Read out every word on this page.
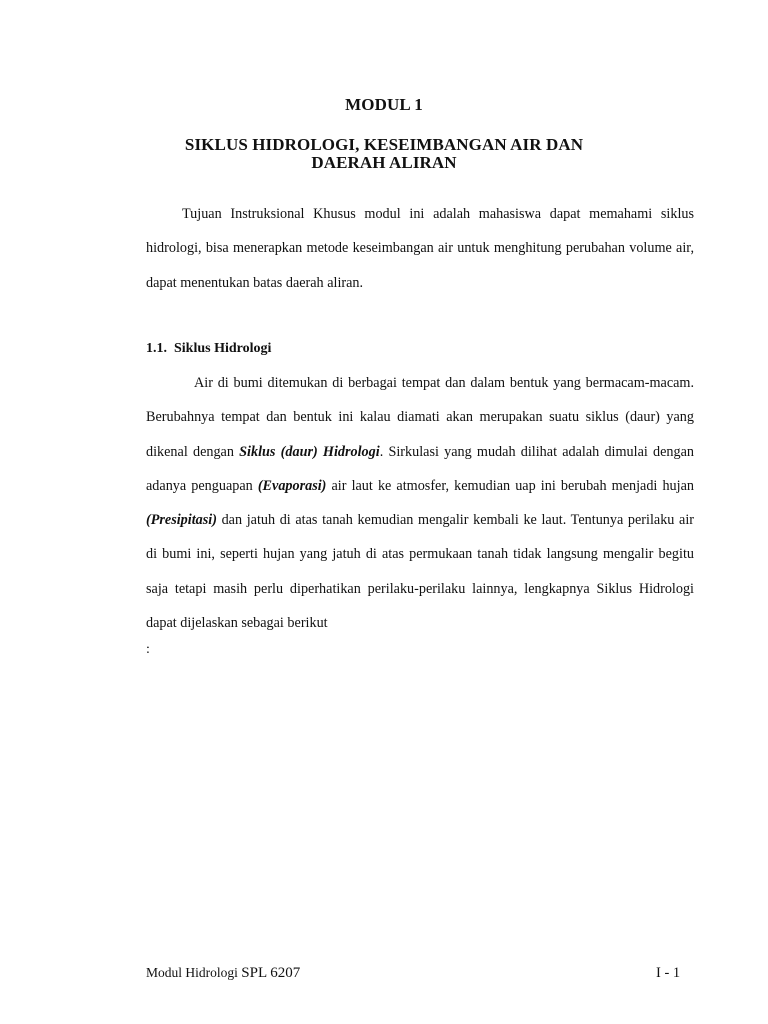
MODUL 1
SIKLUS HIDROLOGI, KESEIMBANGAN AIR DAN
DAERAH ALIRAN

Tujuan Instruksional Khusus modul ini adalah mahasiswa dapat memahami siklus hidrologi, bisa menerapkan metode keseimbangan air untuk menghitung perubahan volume air, dapat menentukan batas daerah aliran.

1.1. Siklus Hidrologi

Air di bumi ditemukan di berbagai tempat dan dalam bentuk yang bermacam-macam. Berubahnya tempat dan bentuk ini kalau diamati akan merupakan suatu siklus (daur) yang dikenal dengan Siklus (daur) Hidrologi. Sirkulasi yang mudah dilihat adalah dimulai dengan adanya penguapan (Evaporasi) air laut ke atmosfer, kemudian uap ini berubah menjadi hujan (Presipitasi) dan jatuh di atas tanah kemudian mengalir kembali ke laut. Tentunya perilaku air di bumi ini, seperti hujan yang jatuh di atas permukaan tanah tidak langsung mengalir begitu saja tetapi masih perlu diperhatikan perilaku-perilaku lainnya, lengkapnya Siklus Hidrologi dapat dijelaskan sebagai berikut

:
Modul Hidrologi SPL 6207	I - 1
